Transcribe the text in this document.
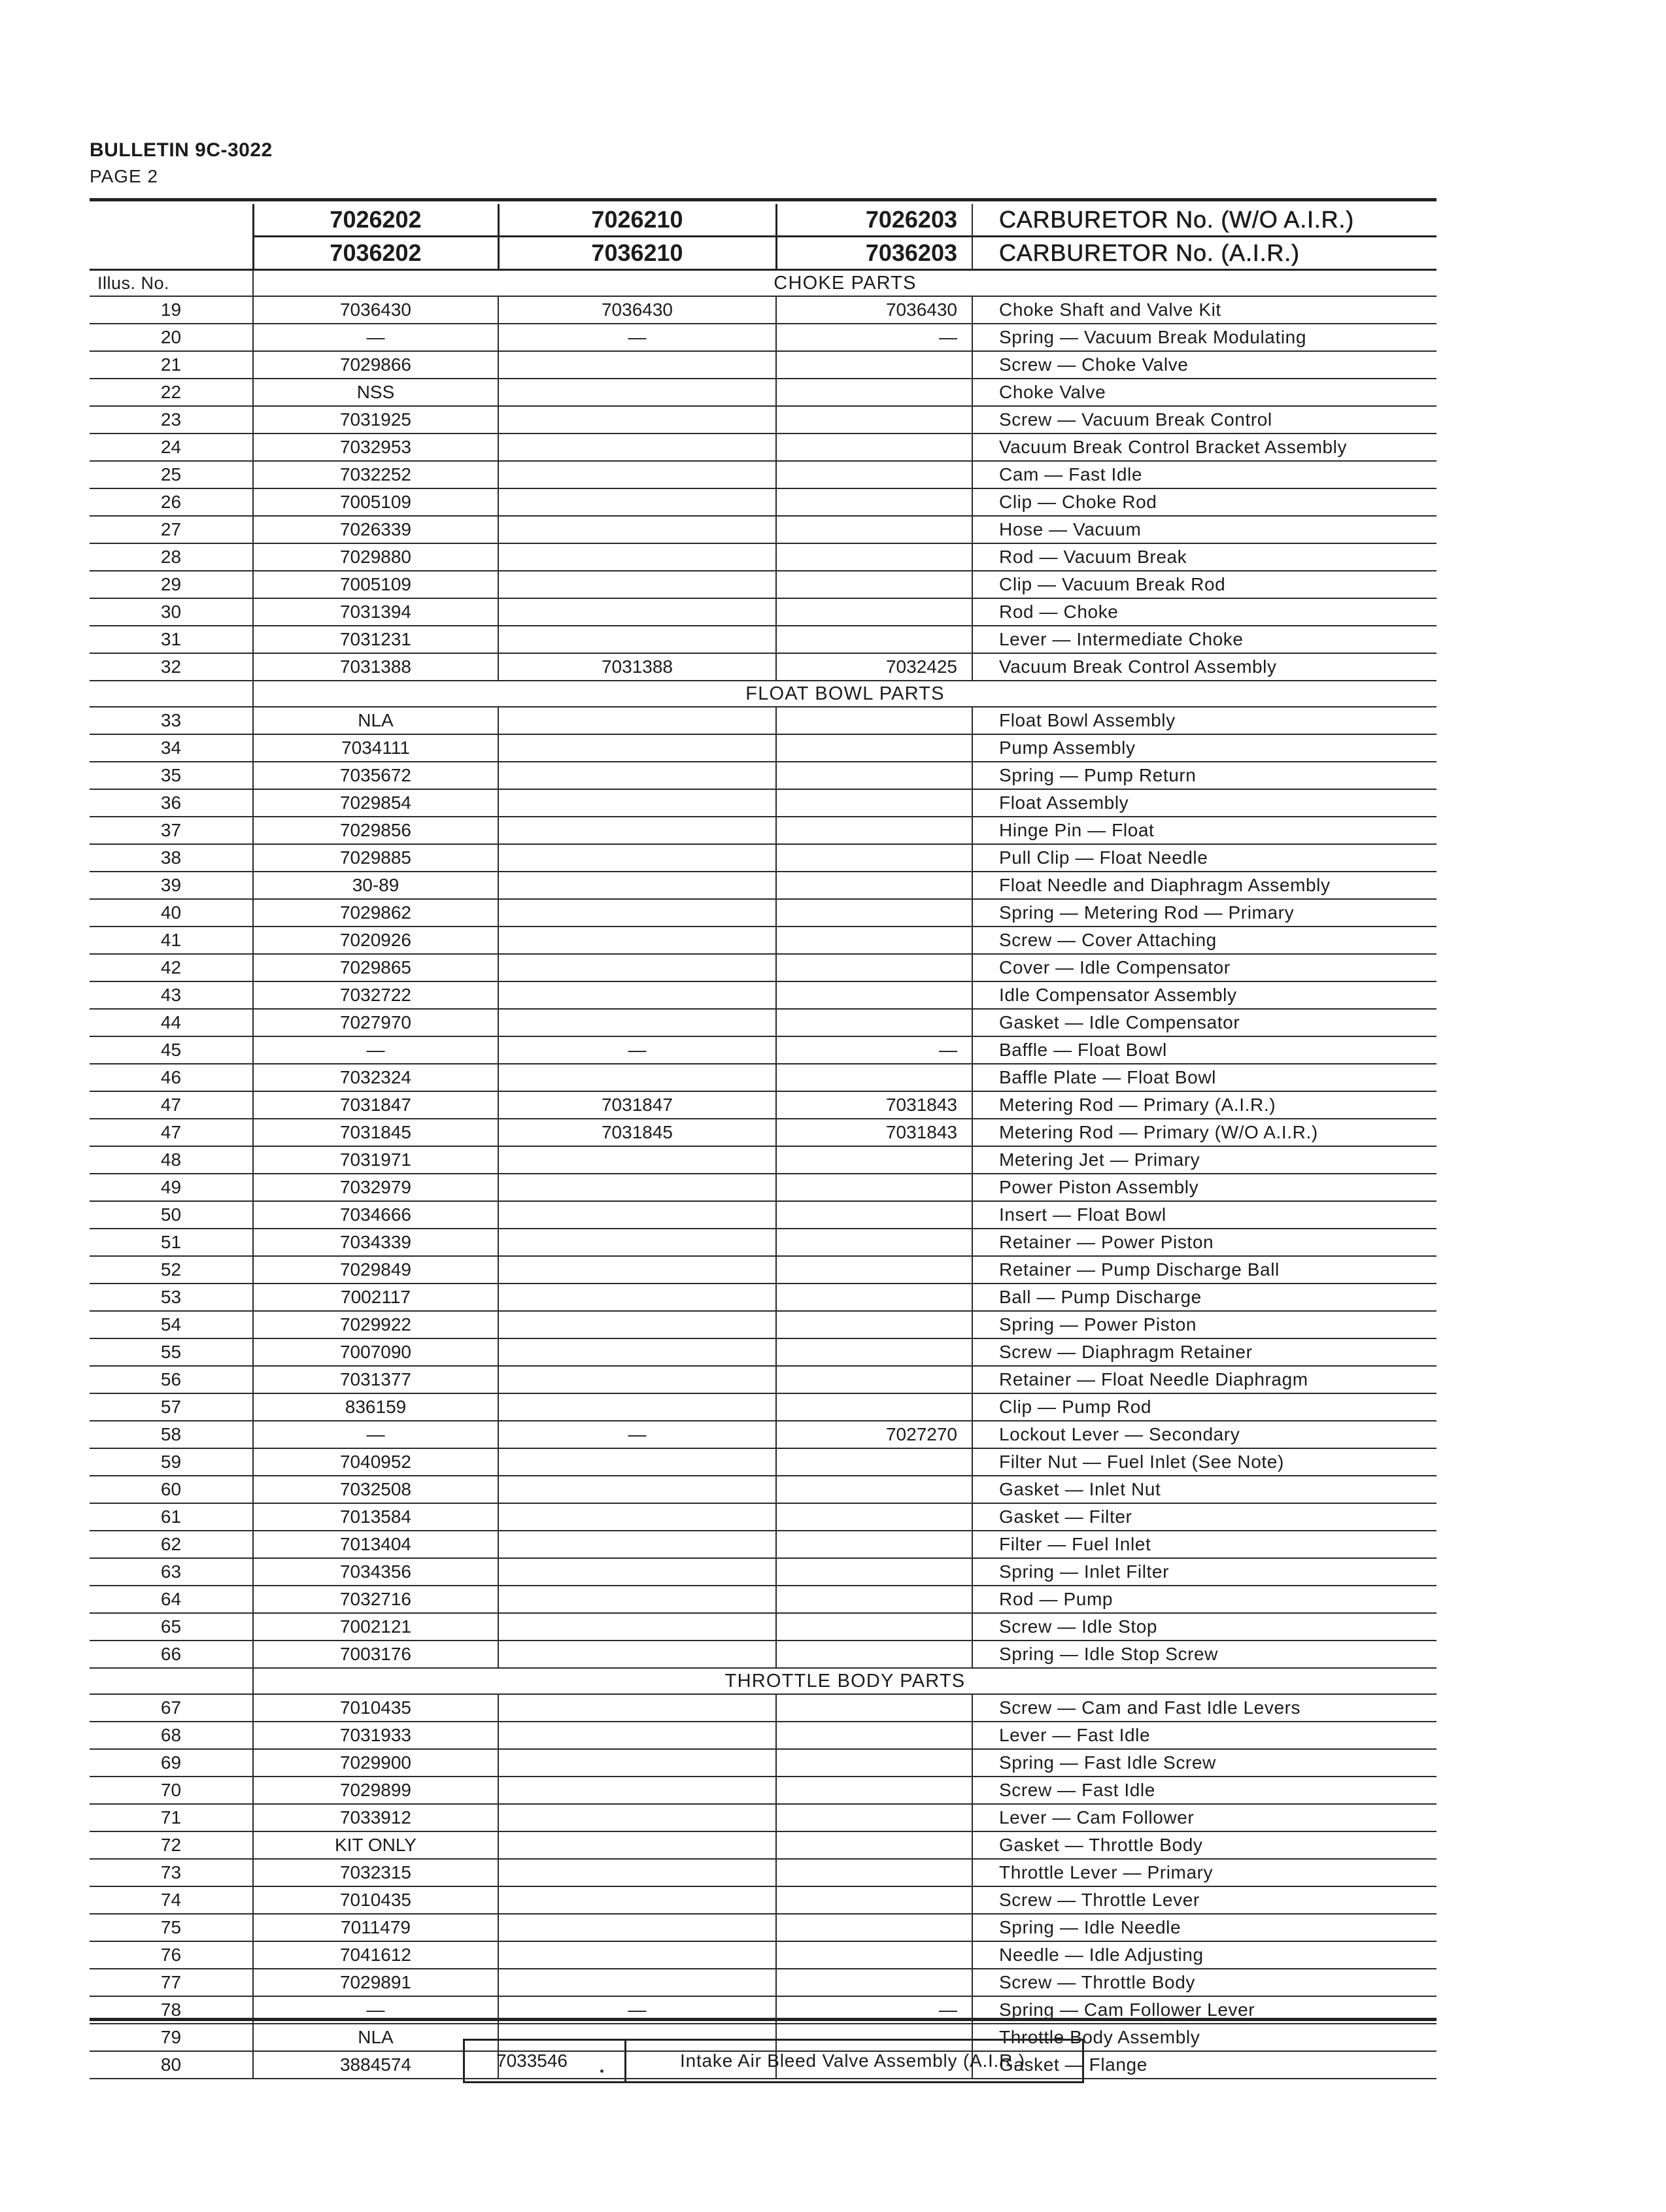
BULLETIN 9C-3022
PAGE 2
	7026202	7026210	7026203	CARBURETOR No. (W/O A.I.R.)
	7036202	7036210	7036203	CARBURETOR No. (A.I.R.)
Illus. No.	CHOKE PARTS			
19	7036430	7036430	7036430	Choke Shaft and Valve Kit
20	—	—	—	Spring — Vacuum Break Modulating
21	7029866			Screw — Choke Valve
22	NSS			Choke Valve
23	7031925			Screw — Vacuum Break Control
24	7032953			Vacuum Break Control Bracket Assembly
25	7032252			Cam — Fast Idle
26	7005109			Clip — Choke Rod
27	7026339			Hose — Vacuum
28	7029880			Rod — Vacuum Break
29	7005109			Clip — Vacuum Break Rod
30	7031394			Rod — Choke
31	7031231			Lever — Intermediate Choke
32	7031388	7031388	7032425	Vacuum Break Control Assembly
	FLOAT BOWL PARTS			
33	NLA			Float Bowl Assembly
34	7034111			Pump Assembly
35	7035672			Spring — Pump Return
36	7029854			Float Assembly
37	7029856			Hinge Pin — Float
38	7029885			Pull Clip — Float Needle
39	30-89			Float Needle and Diaphragm Assembly
40	7029862			Spring — Metering Rod — Primary
41	7020926			Screw — Cover Attaching
42	7029865			Cover — Idle Compensator
43	7032722			Idle Compensator Assembly
44	7027970			Gasket — Idle Compensator
45	—	—	—	Baffle — Float Bowl
46	7032324			Baffle Plate — Float Bowl
47	7031847	7031847	7031843	Metering Rod — Primary (A.I.R.)
47	7031845	7031845	7031843	Metering Rod — Primary (W/O A.I.R.)
48	7031971			Metering Jet — Primary
49	7032979			Power Piston Assembly
50	7034666			Insert — Float Bowl
51	7034339			Retainer — Power Piston
52	7029849			Retainer — Pump Discharge Ball
53	7002117			Ball — Pump Discharge
54	7029922			Spring — Power Piston
55	7007090			Screw — Diaphragm Retainer
56	7031377			Retainer — Float Needle Diaphragm
57	836159			Clip — Pump Rod
58	—	—	7027270	Lockout Lever — Secondary
59	7040952			Filter Nut — Fuel Inlet (See Note)
60	7032508			Gasket — Inlet Nut
61	7013584			Gasket — Filter
62	7013404			Filter — Fuel Inlet
63	7034356			Spring — Inlet Filter
64	7032716			Rod — Pump
65	7002121			Screw — Idle Stop
66	7003176			Spring — Idle Stop Screw
	THROTTLE BODY PARTS			
67	7010435			Screw — Cam and Fast Idle Levers
68	7031933			Lever — Fast Idle
69	7029900			Spring — Fast Idle Screw
70	7029899			Screw — Fast Idle
71	7033912			Lever — Cam Follower
72	KIT ONLY			Gasket — Throttle Body
73	7032315			Throttle Lever — Primary
74	7010435			Screw — Throttle Lever
75	7011479			Spring — Idle Needle
76	7041612			Needle — Idle Adjusting
77	7029891			Screw — Throttle Body
78	—	—	—	Spring — Cam Follower Lever
79	NLA			Throttle Body Assembly
80	3884574			Gasket — Flange
7033546	Intake Air Bleed Valve Assembly (A.I.R.)
